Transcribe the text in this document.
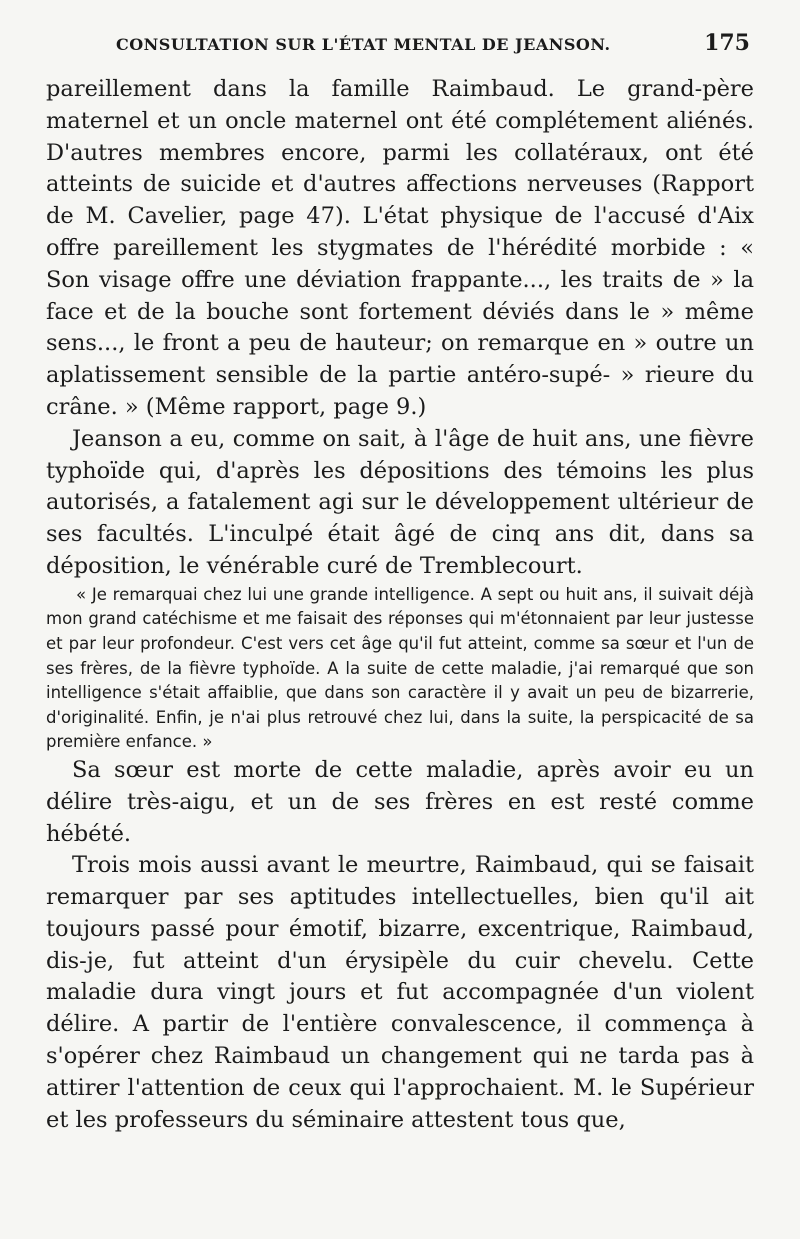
CONSULTATION SUR L'ÉTAT MENTAL DE JEANSON.	175

pareillement dans la famille Raimbaud. Le grand-père maternel et un oncle maternel ont été complétement aliénés. D'autres membres encore, parmi les collatéraux, ont été atteints de suicide et d'autres affections nerveuses (Rapport de M. Cavelier, page 47). L'état physique de l'accusé d'Aix offre pareillement les stygmates de l'hérédité morbide : « Son visage offre une déviation frappante..., les traits de » la face et de la bouche sont fortement déviés dans le » même sens..., le front a peu de hauteur; on remarque en » outre un aplatissement sensible de la partie antéro-supé- » rieure du crâne. » (Même rapport, page 9.)

Jeanson a eu, comme on sait, à l'âge de huit ans, une fièvre typhoïde qui, d'après les dépositions des témoins les plus autorisés, a fatalement agi sur le développement ultérieur de ses facultés. L'inculpé était âgé de cinq ans dit, dans sa déposition, le vénérable curé de Tremblecourt.

« Je remarquai chez lui une grande intelligence. A sept ou huit ans, il suivait déjà mon grand catéchisme et me faisait des réponses qui m'étonnaient par leur justesse et par leur profondeur. C'est vers cet âge qu'il fut atteint, comme sa sœur et l'un de ses frères, de la fièvre typhoïde. A la suite de cette maladie, j'ai remarqué que son intelligence s'était affaiblie, que dans son caractère il y avait un peu de bizarrerie, d'originalité. Enfin, je n'ai plus retrouvé chez lui, dans la suite, la perspicacité de sa première enfance. »

Sa sœur est morte de cette maladie, après avoir eu un délire très-aigu, et un de ses frères en est resté comme hébété.

Trois mois aussi avant le meurtre, Raimbaud, qui se faisait remarquer par ses aptitudes intellectuelles, bien qu'il ait toujours passé pour émotif, bizarre, excentrique, Raimbaud, dis-je, fut atteint d'un érysipèle du cuir chevelu. Cette maladie dura vingt jours et fut accompagnée d'un violent délire. A partir de l'entière convalescence, il commença à s'opérer chez Raimbaud un changement qui ne tarda pas à attirer l'attention de ceux qui l'approchaient. M. le Supérieur et les professeurs du séminaire attestent tous que,
